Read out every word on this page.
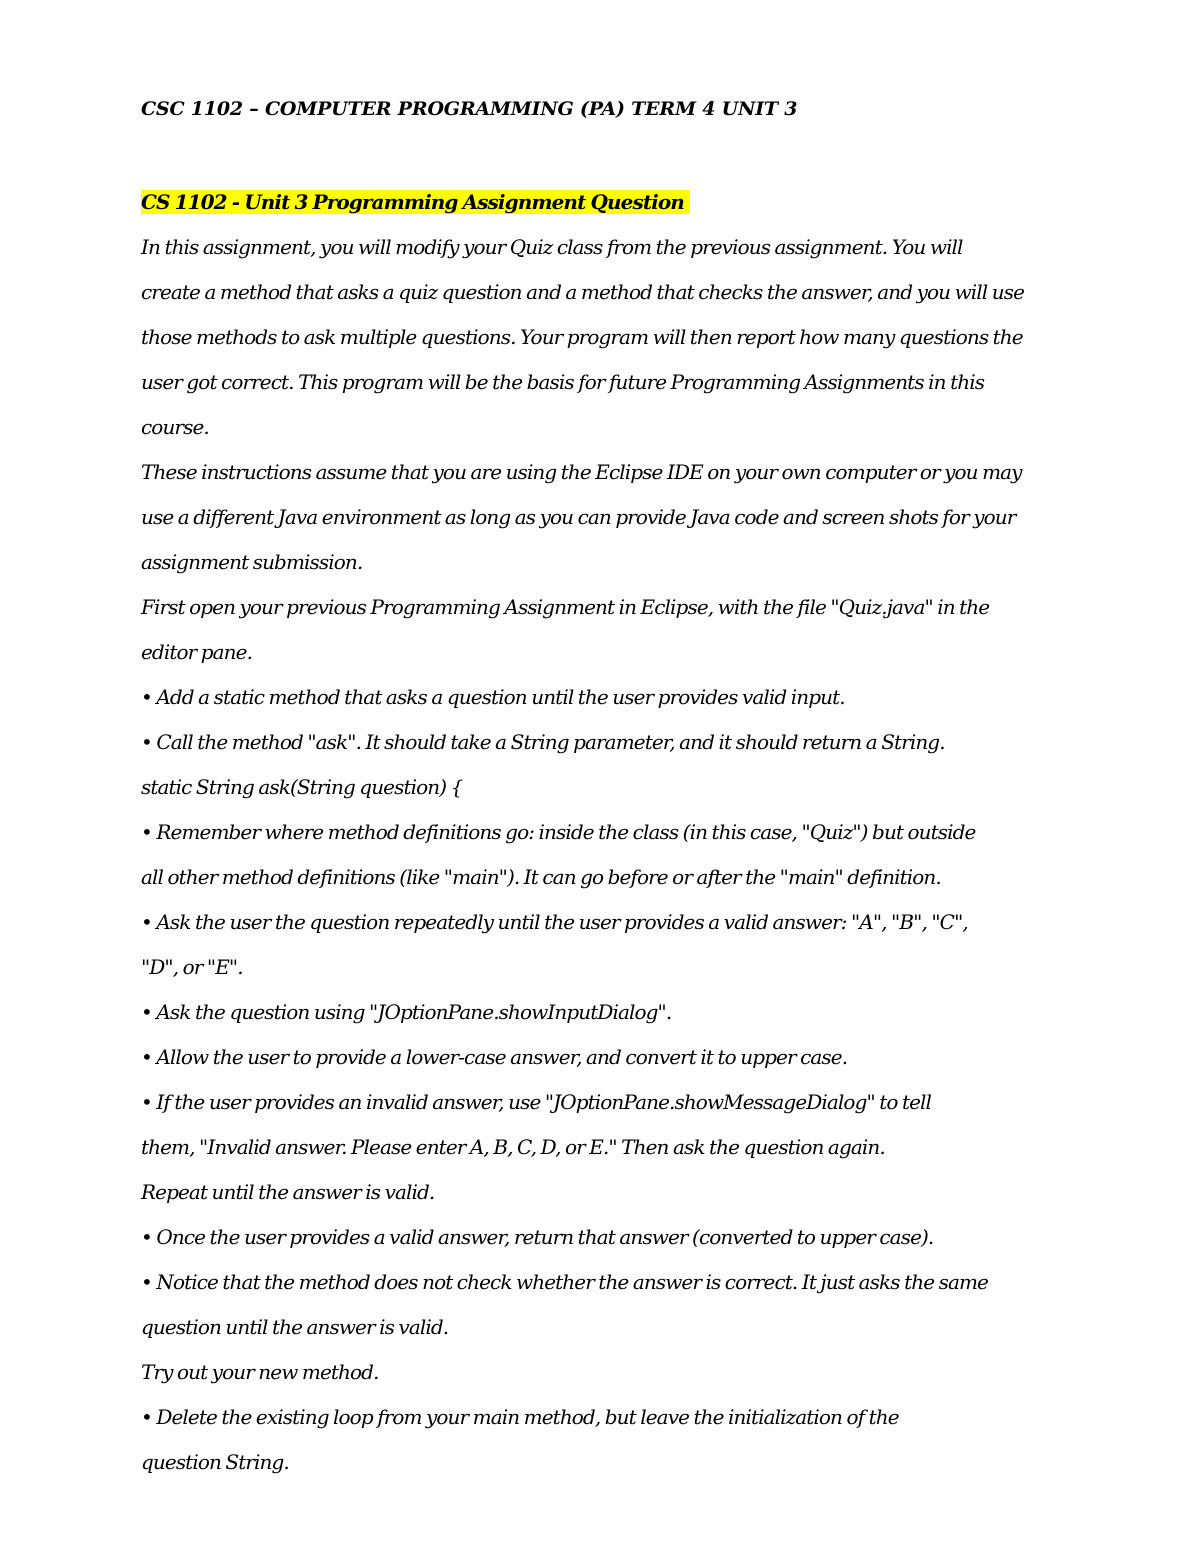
CSC 1102 – COMPUTER PROGRAMMING (PA) TERM 4 UNIT 3
CS 1102 - Unit 3 Programming Assignment Question
In this assignment, you will modify your Quiz class from the previous assignment. You will
create a method that asks a quiz question and a method that checks the answer, and you will use
those methods to ask multiple questions. Your program will then report how many questions the
user got correct. This program will be the basis for future Programming Assignments in this
course.
These instructions assume that you are using the Eclipse IDE on your own computer or you may
use a different Java environment as long as you can provide Java code and screen shots for your
assignment submission.
First open your previous Programming Assignment in Eclipse, with the file "Quiz.java" in the
editor pane.
• Add a static method that asks a question until the user provides valid input.
• Call the method "ask". It should take a String parameter, and it should return a String.
static String ask(String question) {
• Remember where method definitions go: inside the class (in this case, "Quiz") but outside
all other method definitions (like "main"). It can go before or after the "main" definition.
• Ask the user the question repeatedly until the user provides a valid answer: "A", "B", "C",
"D", or "E".
• Ask the question using "JOptionPane.showInputDialog".
• Allow the user to provide a lower-case answer, and convert it to upper case.
• If the user provides an invalid answer, use "JOptionPane.showMessageDialog" to tell
them, "Invalid answer. Please enter A, B, C, D, or E." Then ask the question again.
Repeat until the answer is valid.
• Once the user provides a valid answer, return that answer (converted to upper case).
• Notice that the method does not check whether the answer is correct. It just asks the same
question until the answer is valid.
Try out your new method.
• Delete the existing loop from your main method, but leave the initialization of the
question String.
